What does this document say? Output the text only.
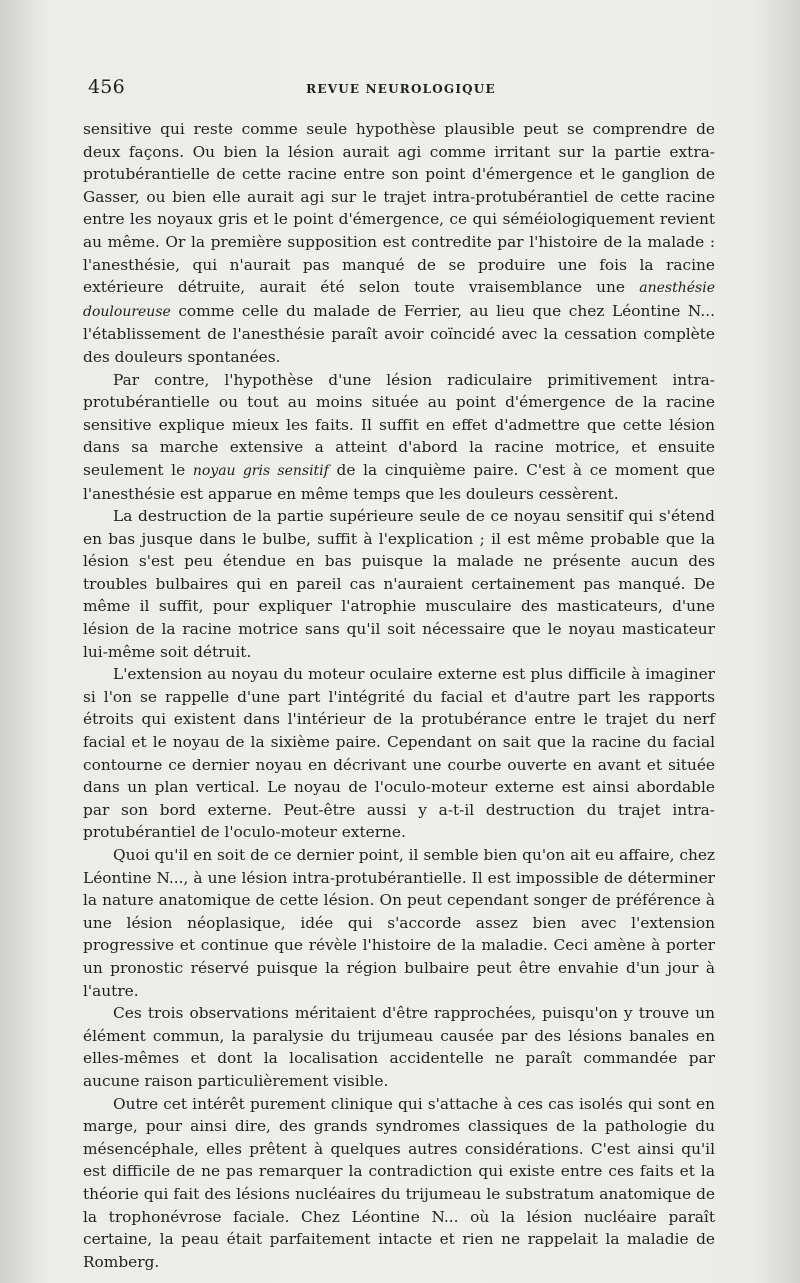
456	REVUE NEUROLOGIQUE

sensitive qui reste comme seule hypothèse plausible peut se comprendre de deux façons. Ou bien la lésion aurait agi comme irritant sur la partie extra-protubérantielle de cette racine entre son point d'émergence et le ganglion de Gasser, ou bien elle aurait agi sur le trajet intra-protubérantiel de cette racine entre les noyaux gris et le point d'émergence, ce qui séméiologiquement revient au même. Or la première supposition est contredite par l'histoire de la malade : l'anesthésie, qui n'aurait pas manqué de se produire une fois la racine extérieure détruite, aurait été selon toute vraisemblance une anesthésie douloureuse comme celle du malade de Ferrier, au lieu que chez Léontine N... l'établissement de l'anesthésie paraît avoir coïncidé avec la cessation complète des douleurs spontanées.

Par contre, l'hypothèse d'une lésion radiculaire primitivement intra-protubérantielle ou tout au moins située au point d'émergence de la racine sensitive explique mieux les faits. Il suffit en effet d'admettre que cette lésion dans sa marche extensive a atteint d'abord la racine motrice, et ensuite seulement le noyau gris sensitif de la cinquième paire. C'est à ce moment que l'anesthésie est apparue en même temps que les douleurs cessèrent.

La destruction de la partie supérieure seule de ce noyau sensitif qui s'étend en bas jusque dans le bulbe, suffit à l'explication ; il est même probable que la lésion s'est peu étendue en bas puisque la malade ne présente aucun des troubles bulbaires qui en pareil cas n'auraient certainement pas manqué. De même il suffit, pour expliquer l'atrophie musculaire des masticateurs, d'une lésion de la racine motrice sans qu'il soit nécessaire que le noyau masticateur lui-même soit détruit.

L'extension au noyau du moteur oculaire externe est plus difficile à imaginer si l'on se rappelle d'une part l'intégrité du facial et d'autre part les rapports étroits qui existent dans l'intérieur de la protubérance entre le trajet du nerf facial et le noyau de la sixième paire. Cependant on sait que la racine du facial contourne ce dernier noyau en décrivant une courbe ouverte en avant et située dans un plan vertical. Le noyau de l'oculo-moteur externe est ainsi abordable par son bord externe. Peut-être aussi y a-t-il destruction du trajet intra-protubérantiel de l'oculo-moteur externe.

Quoi qu'il en soit de ce dernier point, il semble bien qu'on ait eu affaire, chez Léontine N..., à une lésion intra-protubérantielle. Il est impossible de déterminer la nature anatomique de cette lésion. On peut cependant songer de préférence à une lésion néoplasique, idée qui s'accorde assez bien avec l'extension progressive et continue que révèle l'histoire de la maladie. Ceci amène à porter un pronostic réservé puisque la région bulbaire peut être envahie d'un jour à l'autre.

Ces trois observations méritaient d'être rapprochées, puisqu'on y trouve un élément commun, la paralysie du trijumeau causée par des lésions banales en elles-mêmes et dont la localisation accidentelle ne paraît commandée par aucune raison particulièrement visible.

Outre cet intérêt purement clinique qui s'attache à ces cas isolés qui sont en marge, pour ainsi dire, des grands syndromes classiques de la pathologie du mésencéphale, elles prêtent à quelques autres considérations. C'est ainsi qu'il est difficile de ne pas remarquer la contradiction qui existe entre ces faits et la théorie qui fait des lésions nucléaires du trijumeau le substratum anatomique de la trophonévrose faciale. Chez Léontine N... où la lésion nucléaire paraît certaine, la peau était parfaitement intacte et rien ne rappelait la maladie de Romberg.
